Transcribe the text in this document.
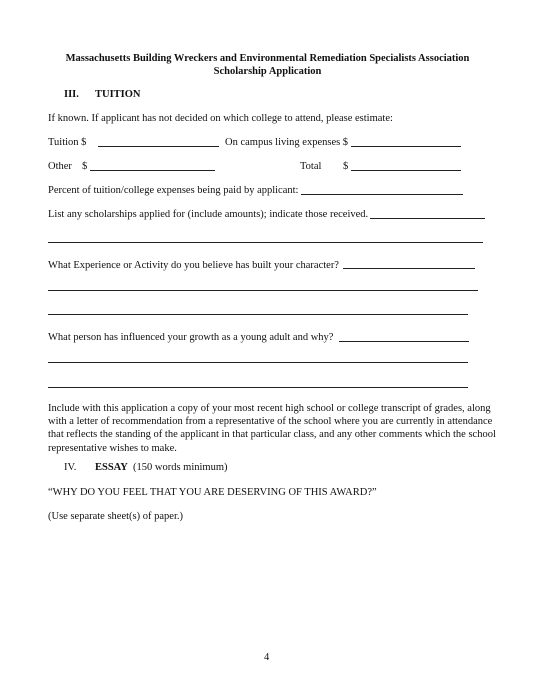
Massachusetts Building Wreckers and Environmental Remediation Specialists Association
Scholarship Application
III. TUITION
If known. If applicant has not decided on which college to attend, please estimate:
Tuition $	On campus living expenses $
Other $	Total $
Percent of tuition/college expenses being paid by applicant:
List any scholarships applied for (include amounts); indicate those received.
What Experience or Activity do you believe has built your character?
What person has influenced your growth as a young adult and why?
Include with this application a copy of your most recent high school or college transcript of grades, along with a letter of recommendation from a representative of the school where you are currently in attendance that reflects the standing of the applicant in that particular class, and any other comments which the school representative wishes to make.
IV. ESSAY (150 words minimum)
“WHY DO YOU FEEL THAT YOU ARE DESERVING OF THIS AWARD?”
(Use separate sheet(s) of paper.)
4
